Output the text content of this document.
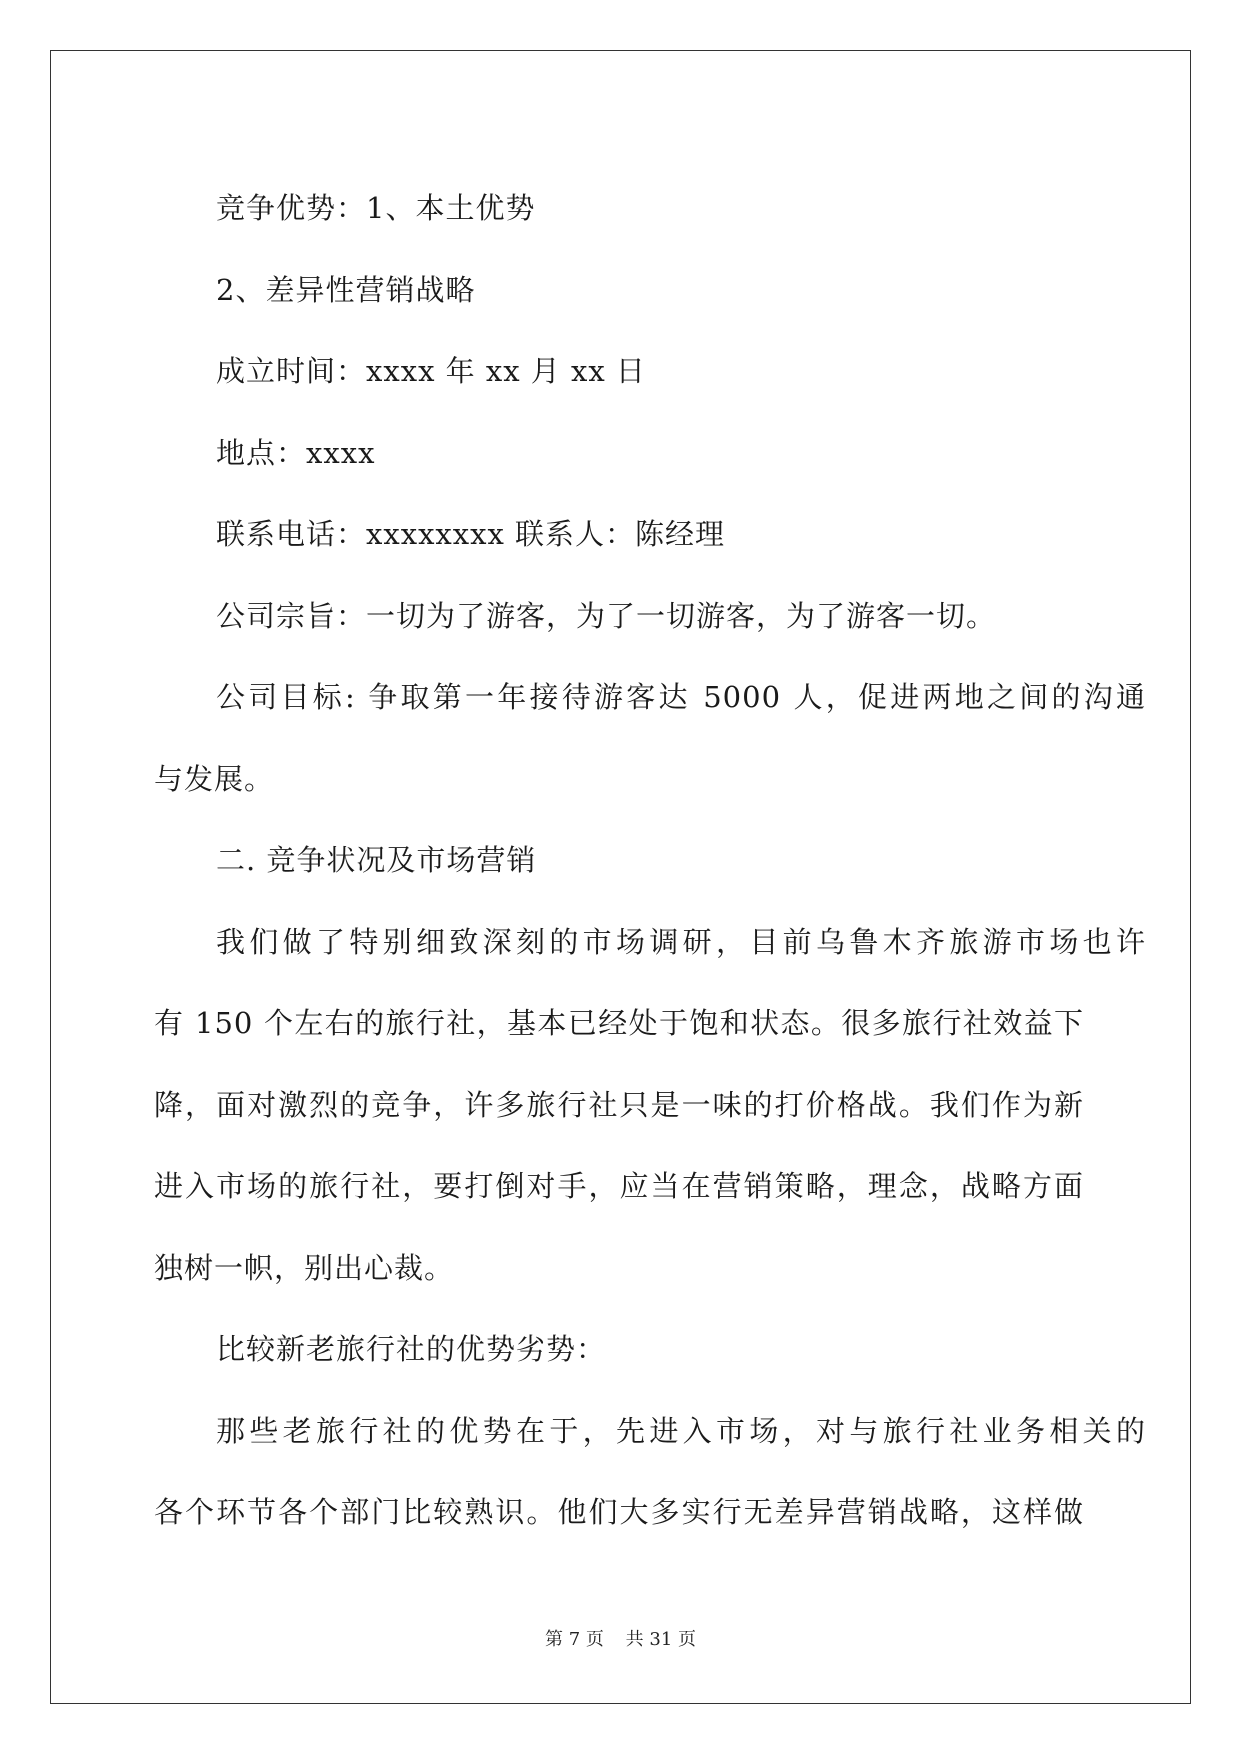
竞争优势：1、本土优势
2、差异性营销战略
成立时间：xxxx 年 xx 月 xx 日
地点：xxxx
联系电话：xxxxxxxx 联系人：陈经理
公司宗旨：一切为了游客，为了一切游客，为了游客一切。
公司目标: 争取第一年接待游客达 5000 人，促进两地之间的沟通
与发展。
二. 竞争状况及市场营销
我们做了特别细致深刻的市场调研，目前乌鲁木齐旅游市场也许
有 150 个左右的旅行社，基本已经处于饱和状态。很多旅行社效益下
降，面对激烈的竞争，许多旅行社只是一味的打价格战。我们作为新
进入市场的旅行社，要打倒对手，应当在营销策略，理念，战略方面
独树一帜，别出心裁。
比较新老旅行社的优势劣势：
那些老旅行社的优势在于，先进入市场，对与旅行社业务相关的
各个环节各个部门比较熟识。他们大多实行无差异营销战略，这样做
第 7 页 共 31 页
